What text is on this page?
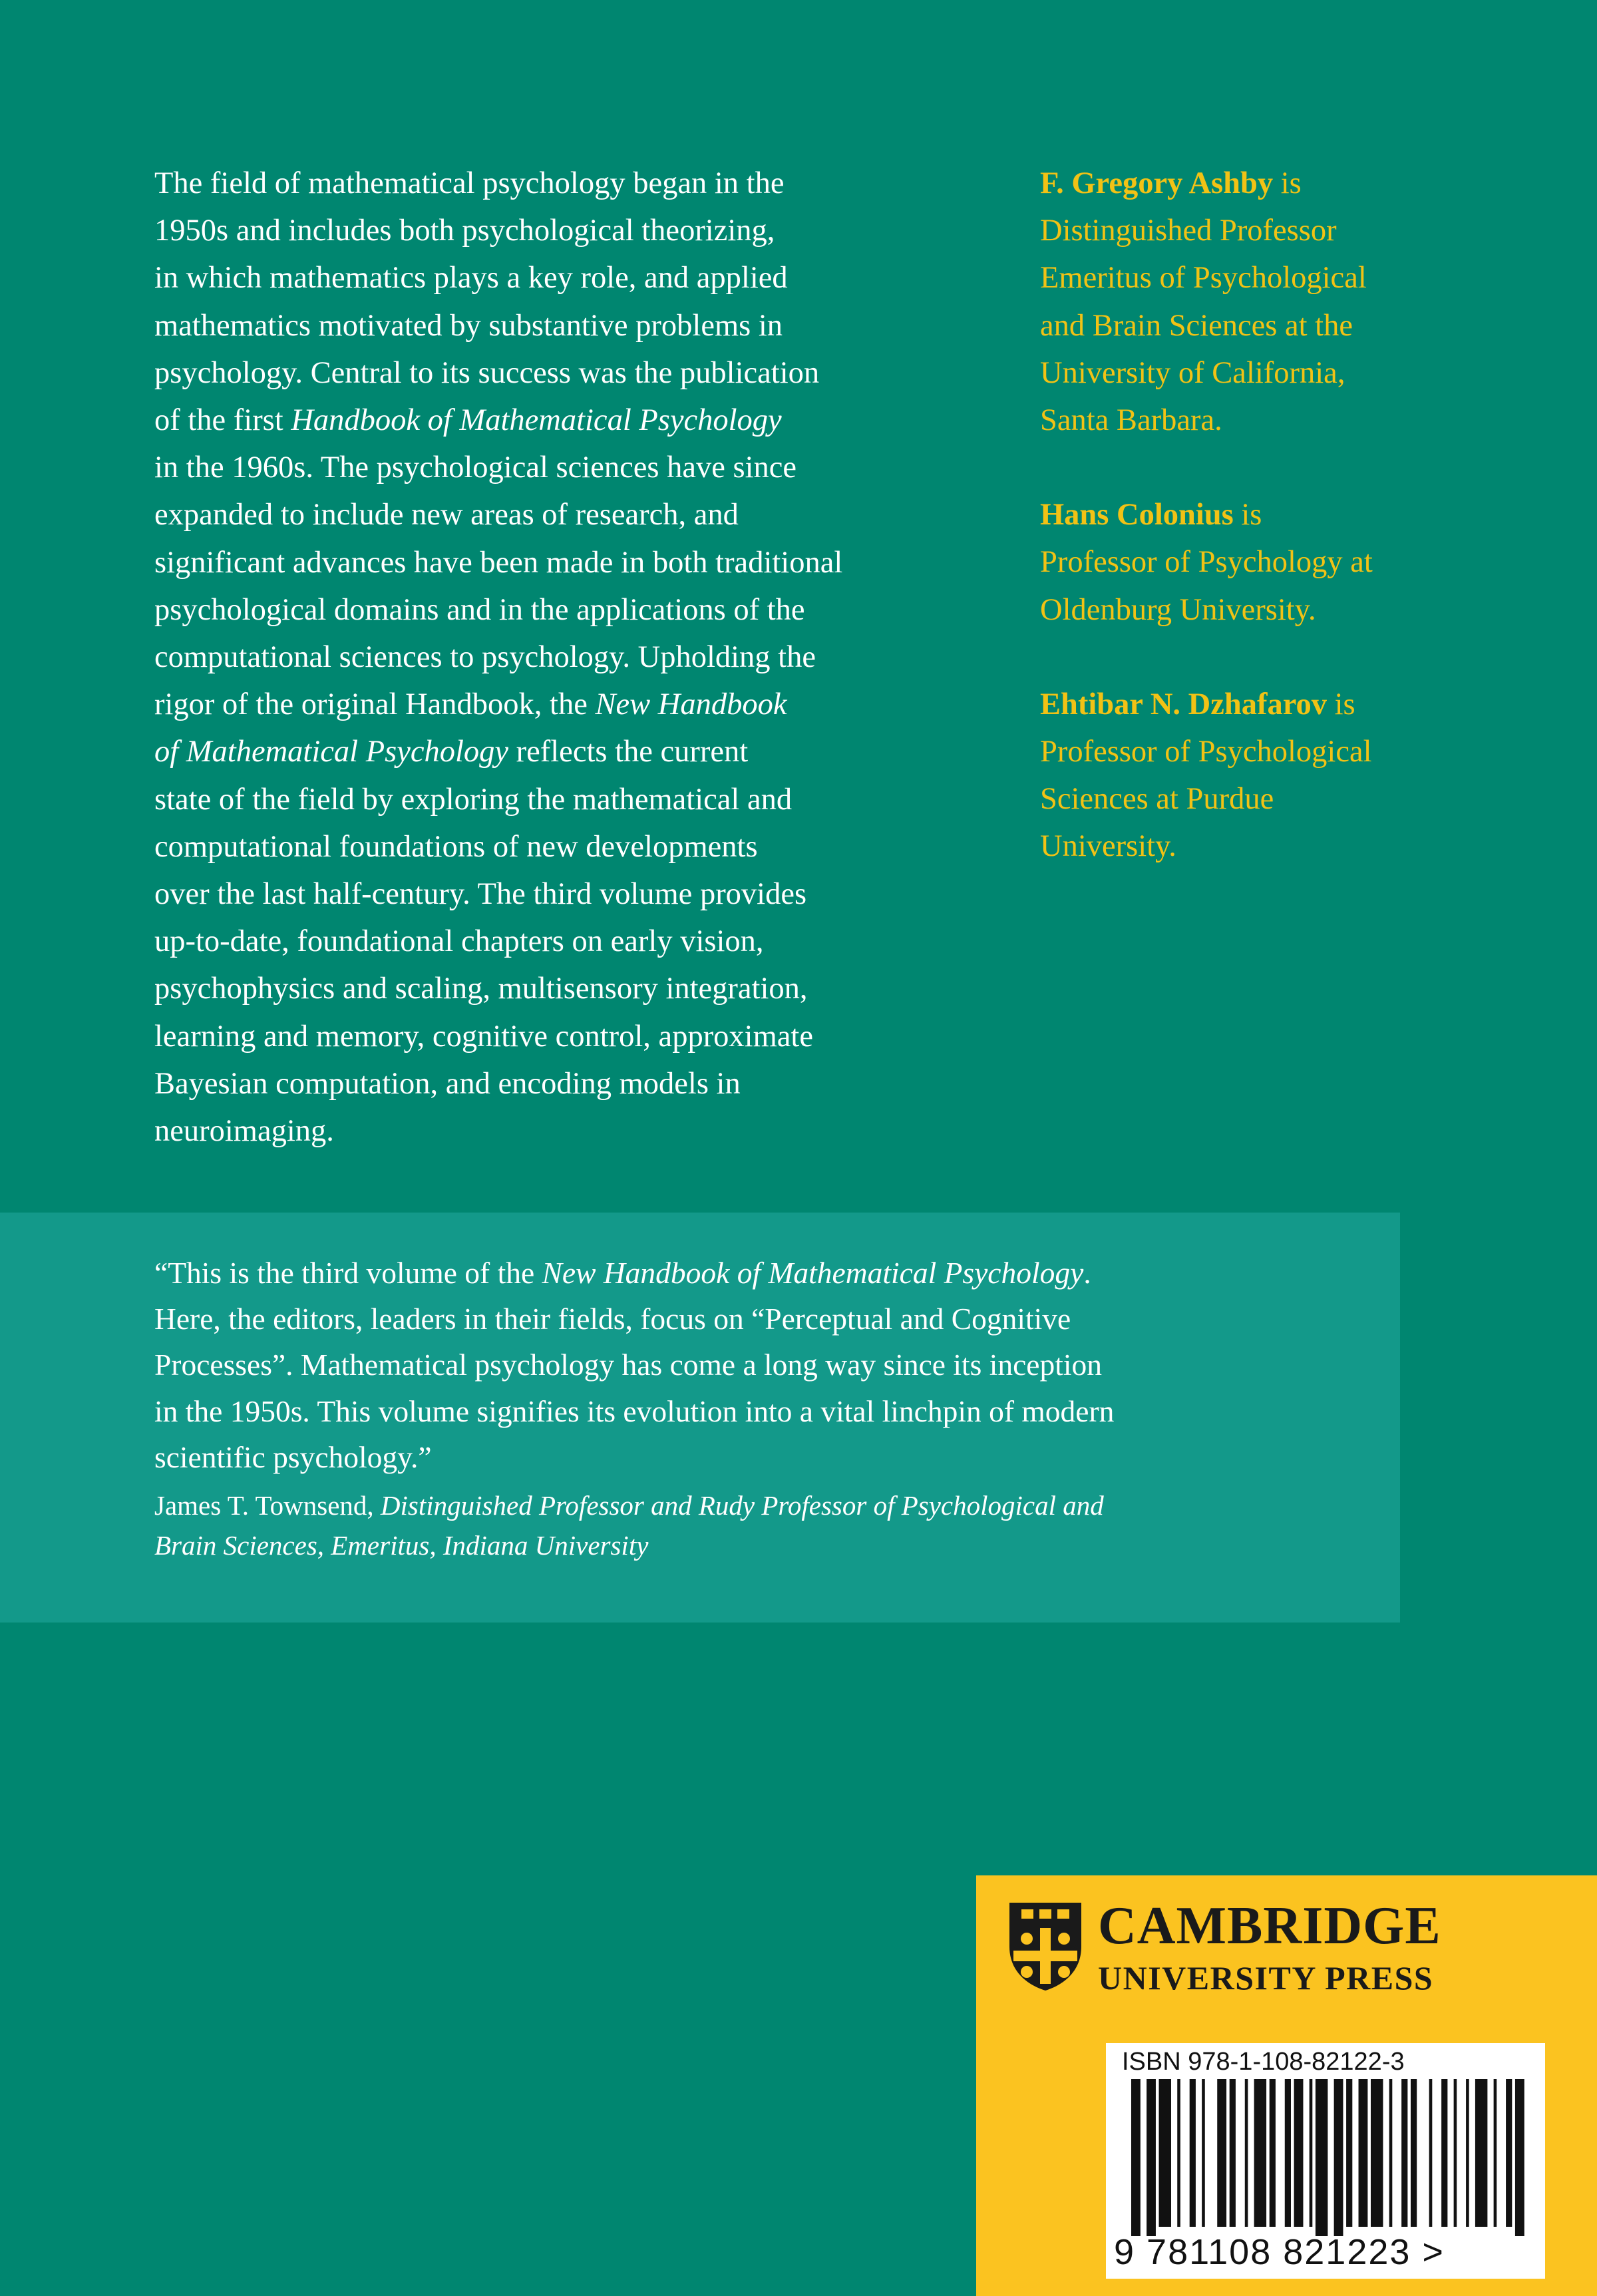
The field of mathematical psychology began in the

1950s and includes both psychological theorizing,

in which mathematics plays a key role, and applied

mathematics motivated by substantive problems in

psychology. Central to its success was the publication

of the first Handbook of Mathematical Psychology

in the 1960s. The psychological sciences have since

expanded to include new areas of research, and

significant advances have been made in both traditional

psychological domains and in the applications of the

computational sciences to psychology. Upholding the

rigor of the original Handbook, the New Handbook

of Mathematical Psychology reflects the current

state of the field by exploring the mathematical and

computational foundations of new developments

over the last half-century. The third volume provides

up-to-date, foundational chapters on early vision,

psychophysics and scaling, multisensory integration,

learning and memory, cognitive control, approximate

Bayesian computation, and encoding models in

neuroimaging.

F. Gregory Ashby is
Distinguished Professor
Emeritus of Psychological
and Brain Sciences at the
University of California,
Santa Barbara.
Hans Colonius is
Professor of Psychology at
Oldenburg University.
Ehtibar N. Dzhafarov is
Professor of Psychological
Sciences at Purdue
University.

“This is the third volume of the New Handbook of Mathematical Psychology.
Here, the editors, leaders in their fields, focus on “Perceptual and Cognitive
Processes”. Mathematical psychology has come a long way since its inception
in the 1950s. This volume signifies its evolution into a vital linchpin of modern
scientific psychology.”

James T. Townsend, Distinguished Professor and Rudy Professor of Psychological and
Brain Sciences, Emeritus, Indiana University

CAMBRIDGE
UNIVERSITY PRESS
ISBN 978-1-108-82122-3
9 781108 821223 >
